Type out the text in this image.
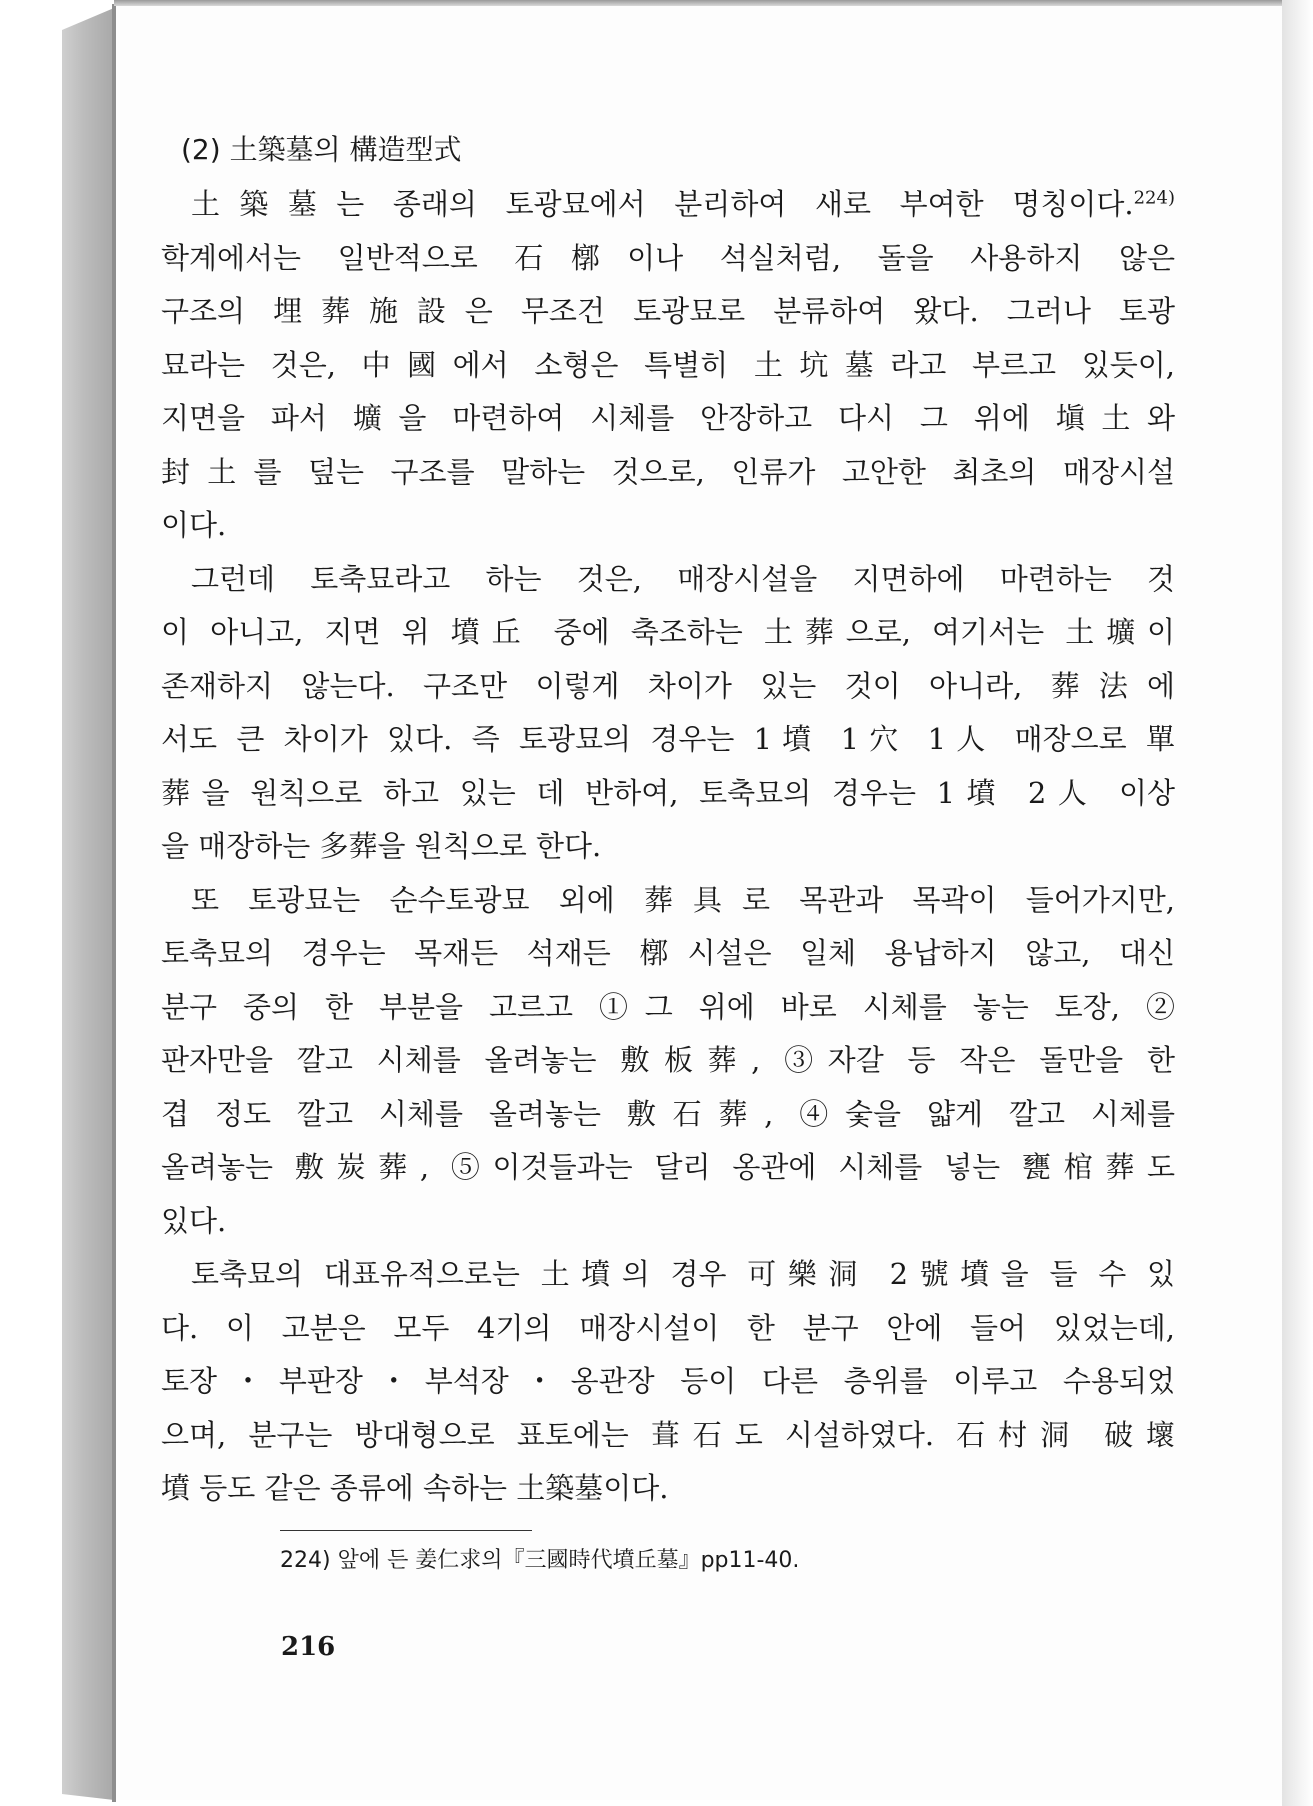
(2) 土築墓의 構造型式
土築墓는 종래의 토광묘에서 분리하여 새로 부여한 명칭이다.$^{224)}$
학계에서는 일반적으로 石槨이나 석실처럼, 돌을 사용하지 않은
구조의 埋葬施設은 무조건 토광묘로 분류하여 왔다. 그러나 토광
묘라는 것은, 中國에서 소형은 특별히 土坑墓라고 부르고 있듯이,
지면을 파서 壙을 마련하여 시체를 안장하고 다시 그 위에 塡土와
封土를 덮는 구조를 말하는 것으로, 인류가 고안한 최초의 매장시설
이다.
그런데 토축묘라고 하는 것은, 매장시설을 지면하에 마련하는 것
이 아니고, 지면 위 墳丘 중에 축조하는 土葬으로, 여기서는 土壙이
존재하지 않는다. 구조만 이렇게 차이가 있는 것이 아니라, 葬法에
서도 큰 차이가 있다. 즉 토광묘의 경우는 1墳 1穴 1人 매장으로 單
葬을 원칙으로 하고 있는 데 반하여, 토축묘의 경우는 1墳 2人 이상
을 매장하는 多葬을 원칙으로 한다.
또 토광묘는 순수토광묘 외에 葬具로 목관과 목곽이 들어가지만,
토축묘의 경우는 목재든 석재든 槨시설은 일체 용납하지 않고, 대신
분구 중의 한 부분을 고르고 ①그 위에 바로 시체를 놓는 토장, ②
판자만을 깔고 시체를 올려놓는 敷板葬, ③자갈 등 작은 돌만을 한
겹 정도 깔고 시체를 올려놓는 敷石葬, ④숯을 얇게 깔고 시체를
올려놓는 敷炭葬, ⑤이것들과는 달리 옹관에 시체를 넣는 甕棺葬도
있다.
토축묘의 대표유적으로는 土墳의 경우 可樂洞 2號墳을 들 수 있
다. 이 고분은 모두 4기의 매장시설이 한 분구 안에 들어 있었는데,
토장・부판장・부석장・옹관장 등이 다른 층위를 이루고 수용되었
으며, 분구는 방대형으로 표토에는 葺石도 시설하였다. 石村洞 破壞
墳 등도 같은 종류에 속하는 土築墓이다.
224) 앞에 든 姜仁求의『三國時代墳丘墓』pp11-40.
216
